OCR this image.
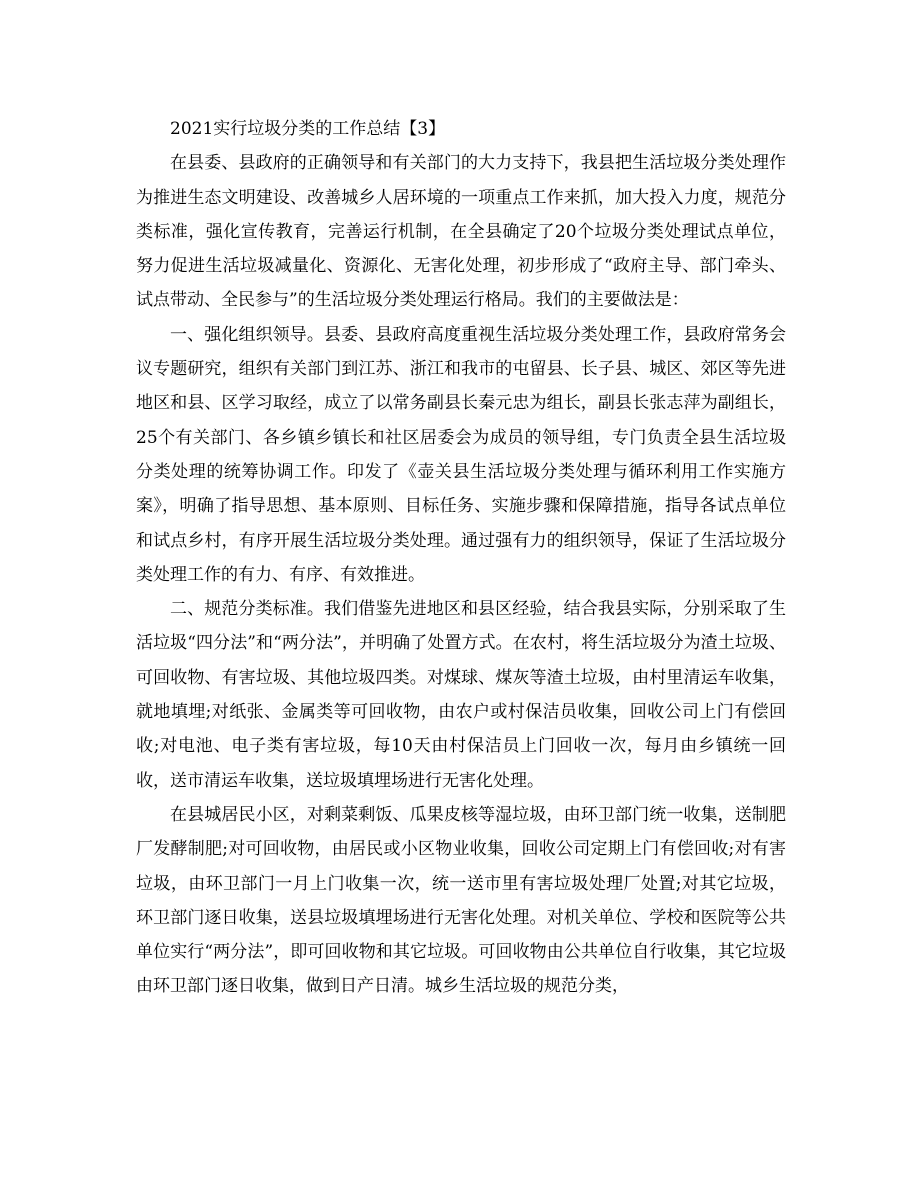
2021实行垃圾分类的工作总结【3】

在县委、县政府的正确领导和有关部门的大力支持下，我县把生活垃圾分类处理作为推进生态文明建设、改善城乡人居环境的一项重点工作来抓，加大投入力度，规范分类标准，强化宣传教育，完善运行机制，在全县确定了20个垃圾分类处理试点单位，努力促进生活垃圾减量化、资源化、无害化处理，初步形成了“政府主导、部门牵头、试点带动、全民参与”的生活垃圾分类处理运行格局。我们的主要做法是：

一、强化组织领导。县委、县政府高度重视生活垃圾分类处理工作，县政府常务会议专题研究，组织有关部门到江苏、浙江和我市的屯留县、长子县、城区、郊区等先进地区和县、区学习取经，成立了以常务副县长秦元忠为组长，副县长张志萍为副组长，25个有关部门、各乡镇乡镇长和社区居委会为成员的领导组，专门负责全县生活垃圾分类处理的统筹协调工作。印发了《壶关县生活垃圾分类处理与循环利用工作实施方案》，明确了指导思想、基本原则、目标任务、实施步骤和保障措施，指导各试点单位和试点乡村，有序开展生活垃圾分类处理。通过强有力的组织领导，保证了生活垃圾分类处理工作的有力、有序、有效推进。

二、规范分类标准。我们借鉴先进地区和县区经验，结合我县实际，分别采取了生活垃圾“四分法”和“两分法”，并明确了处置方式。在农村，将生活垃圾分为渣土垃圾、可回收物、有害垃圾、其他垃圾四类。对煤球、煤灰等渣土垃圾，由村里清运车收集，就地填埋;对纸张、金属类等可回收物，由农户或村保洁员收集，回收公司上门有偿回收;对电池、电子类有害垃圾，每10天由村保洁员上门回收一次，每月由乡镇统一回收，送市清运车收集，送垃圾填埋场进行无害化处理。

在县城居民小区，对剩菜剩饭、瓜果皮核等湿垃圾，由环卫部门统一收集，送制肥厂发酵制肥;对可回收物，由居民或小区物业收集，回收公司定期上门有偿回收;对有害垃圾，由环卫部门一月上门收集一次，统一送市里有害垃圾处理厂处置;对其它垃圾，环卫部门逐日收集，送县垃圾填埋场进行无害化处理。对机关单位、学校和医院等公共单位实行“两分法”，即可回收物和其它垃圾。可回收物由公共单位自行收集，其它垃圾由环卫部门逐日收集，做到日产日清。城乡生活垃圾的规范分类，
